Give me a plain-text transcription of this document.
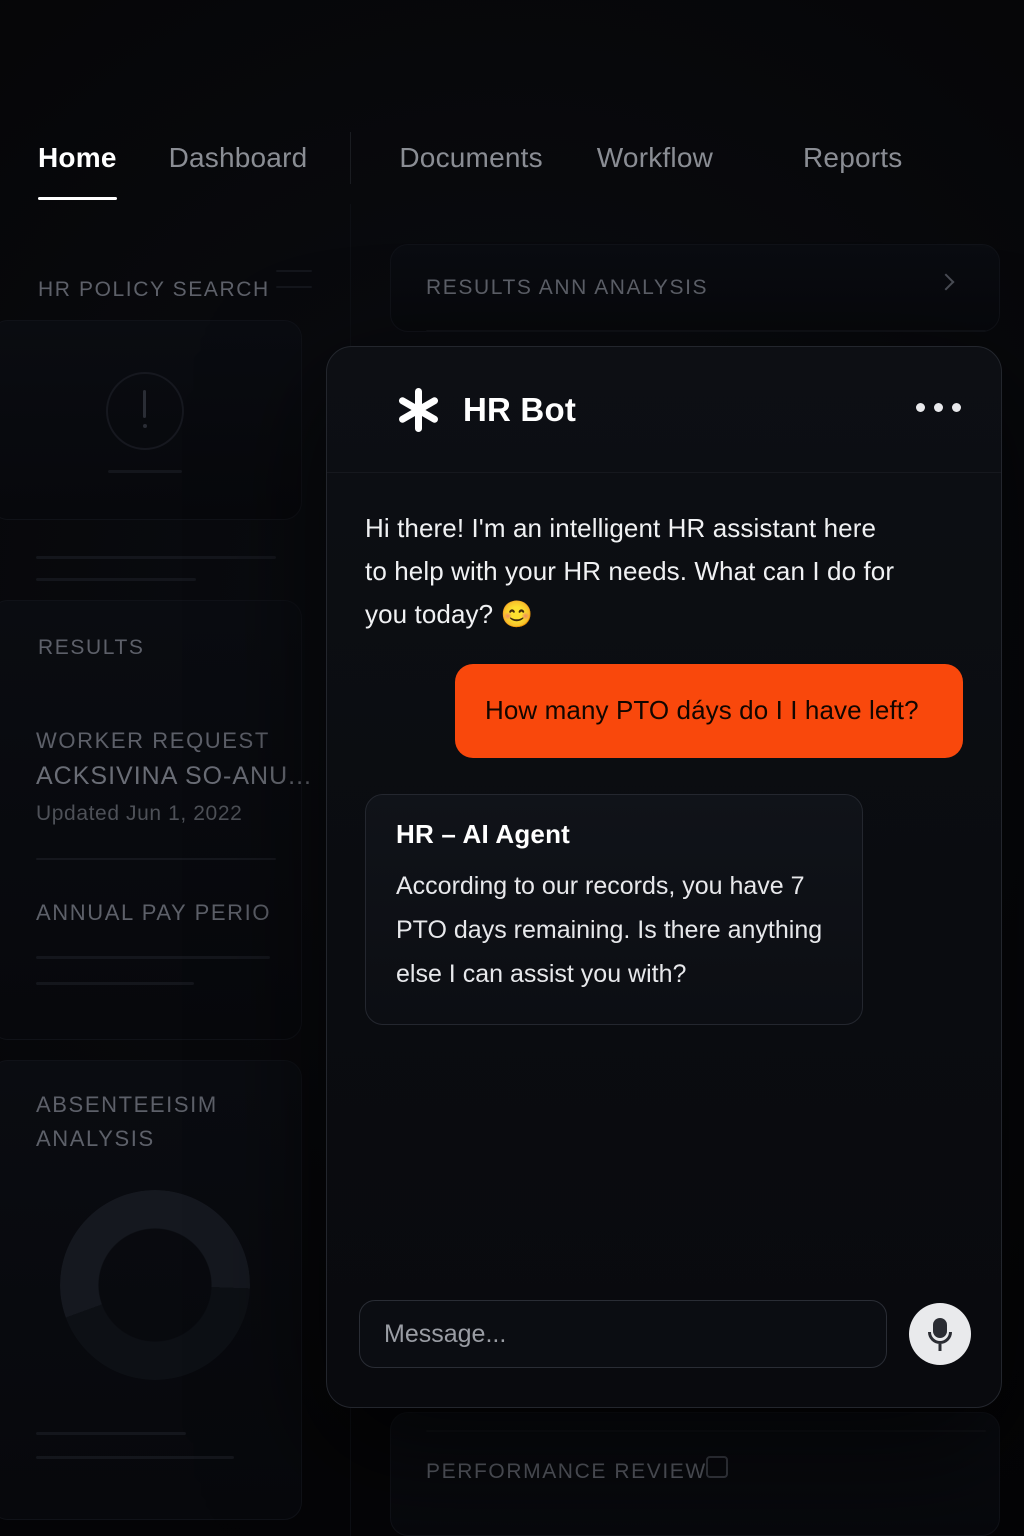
HR POLICY SEARCH
RESULTS
WORKER REQUEST
ACKSIVINA SO-ANU...
Updated Jun 1, 2022
ANNUAL PAY PERIO
ABSENTEEISIM
ANALYSIS
RESULTS ANN ANALYSIS
PERFORMANCE REVIEW
Home Dashboard	Documents Workflow	Reports
HR Bot
Hi there! I'm an intelligent HR assistant here to help with your HR needs. What can I do for you today? 😊
How many PTO dáys do I I have left?
HR – AI Agent
According to our records, you have 7 PTO days remaining. Is there anything else I can assist you with?
Message...
